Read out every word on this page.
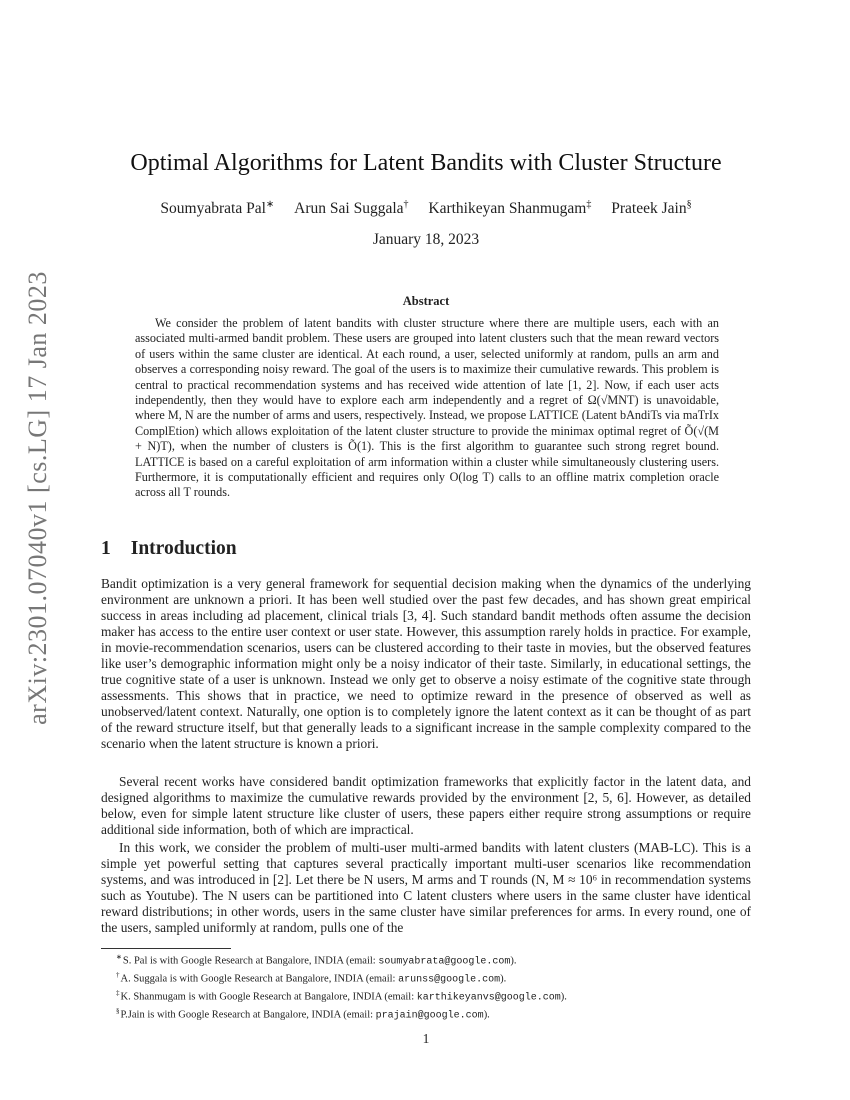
arXiv:2301.07040v1 [cs.LG] 17 Jan 2023
Optimal Algorithms for Latent Bandits with Cluster Structure
Soumyabrata Pal∗ Arun Sai Suggala† Karthikeyan Shanmugam‡ Prateek Jain§
January 18, 2023
Abstract

We consider the problem of latent bandits with cluster structure where there are multiple users, each with an associated multi-armed bandit problem. These users are grouped into latent clusters such that the mean reward vectors of users within the same cluster are identical. At each round, a user, selected uniformly at random, pulls an arm and observes a corresponding noisy reward. The goal of the users is to maximize their cumulative rewards. This problem is central to practical recommendation systems and has received wide attention of late [1, 2]. Now, if each user acts independently, then they would have to explore each arm independently and a regret of Ω(√MNT) is unavoidable, where M, N are the number of arms and users, respectively. Instead, we propose LATTICE (Latent bAndiTs via maTrIx ComplEtion) which allows exploitation of the latent cluster structure to provide the minimax optimal regret of Õ(√(M + N)T), when the number of clusters is Õ(1). This is the first algorithm to guarantee such strong regret bound. LATTICE is based on a careful exploitation of arm information within a cluster while simultaneously clustering users. Furthermore, it is computationally efficient and requires only O(log T) calls to an offline matrix completion oracle across all T rounds.

1 Introduction

Bandit optimization is a very general framework for sequential decision making when the dynamics of the underlying environment are unknown a priori. It has been well studied over the past few decades, and has shown great empirical success in areas including ad placement, clinical trials [3, 4]. Such standard bandit methods often assume the decision maker has access to the entire user context or user state. However, this assumption rarely holds in practice. For example, in movie-recommendation scenarios, users can be clustered according to their taste in movies, but the observed features like user’s demographic information might only be a noisy indicator of their taste. Similarly, in educational settings, the true cognitive state of a user is unknown. Instead we only get to observe a noisy estimate of the cognitive state through assessments. This shows that in practice, we need to optimize reward in the presence of observed as well as unobserved/latent context. Naturally, one option is to completely ignore the latent context as it can be thought of as part of the reward structure itself, but that generally leads to a significant increase in the sample complexity compared to the scenario when the latent structure is known a priori.

Several recent works have considered bandit optimization frameworks that explicitly factor in the latent data, and designed algorithms to maximize the cumulative rewards provided by the environment [2, 5, 6]. However, as detailed below, even for simple latent structure like cluster of users, these papers either require strong assumptions or require additional side information, both of which are impractical.

In this work, we consider the problem of multi-user multi-armed bandits with latent clusters (MAB-LC). This is a simple yet powerful setting that captures several practically important multi-user scenarios like recommendation systems, and was introduced in [2]. Let there be N users, M arms and T rounds (N, M ≈ 10⁶ in recommendation systems such as Youtube). The N users can be partitioned into C latent clusters where users in the same cluster have identical reward distributions; in other words, users in the same cluster have similar preferences for arms. In every round, one of the users, sampled uniformly at random, pulls one of the

∗S. Pal is with Google Research at Bangalore, INDIA (email: soumyabrata@google.com).
†A. Suggala is with Google Research at Bangalore, INDIA (email: arunss@google.com).
‡K. Shanmugam is with Google Research at Bangalore, INDIA (email: karthikeyanvs@google.com).
§P.Jain is with Google Research at Bangalore, INDIA (email: prajain@google.com).
1
